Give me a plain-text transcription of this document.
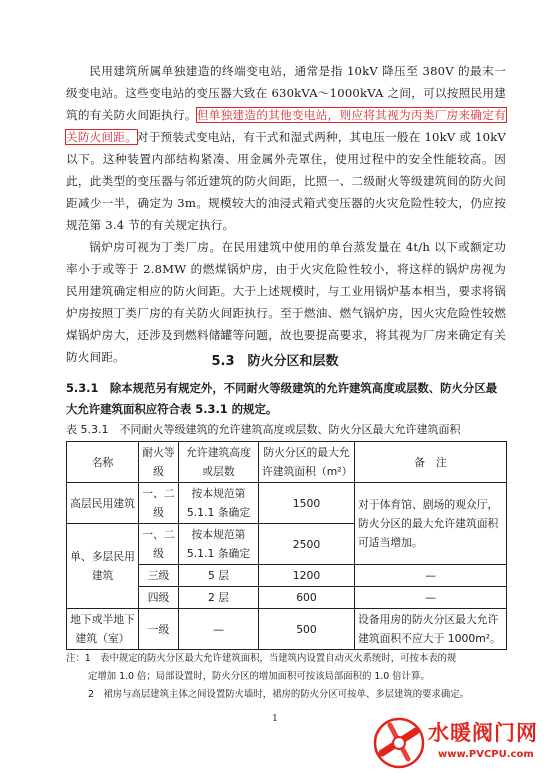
民用建筑所属单独建造的终端变电站，通常是指 10kV 降压至 380V 的最末一级变电站。这些变电站的变压器大致在 630kVA～1000kVA 之间，可以按照民用建筑的有关防火间距执行。但单独建造的其他变电站，则应将其视为丙类厂房来确定有关防火间距。对于预装式变电站，有干式和湿式两种，其电压一般在 10kV 或 10kV 以下。这种装置内部结构紧凑、用金属外壳罩住，使用过程中的安全性能较高。因此，此类型的变压器与邻近建筑的防火间距，比照一、二级耐火等级建筑间的防火间距减少一半，确定为 3m。规模较大的油浸式箱式变压器的火灾危险性较大，仍应按规范第 3.4 节的有关规定执行。

锅炉房可视为丁类厂房。在民用建筑中使用的单台蒸发量在 4t/h 以下或额定功率小于或等于 2.8MW 的燃煤锅炉房，由于火灾危险性较小，将这样的锅炉房视为民用建筑确定相应的防火间距。大于上述规模时，与工业用锅炉基本相当，要求将锅炉房按照丁类厂房的有关防火间距执行。至于燃油、燃气锅炉房，因火灾危险性较燃煤锅炉房大，还涉及到燃料储罐等问题，故也要提高要求，将其视为厂房来确定有关防火间距。	5.3　防火分区和层数
5.3.1　除本规范另有规定外，不同耐火等级建筑的允许建筑高度或层数、防火分区最大允许建筑面积应符合表 5.3.1 的规定。
表 5.3.1　不同耐火等级建筑的允许建筑高度或层数、防火分区最大允许建筑面积
名称	耐火等级	允许建筑高度或层数	防火分区的最大允许建筑面积（m²）	备　注
高层民用建筑	一、二级	按本规范第 5.1.1 条确定	1500	对于体育馆、剧场的观众厅，防火分区的最大允许建筑面积可适当增加。
单、多层民用建筑	一、二级	按本规范第 5.1.1 条确定	2500	
	三级	5 层	1200	—
	四级	2 层	600	—
地下或半地下建筑（室）	一级	—	500	设备用房的防火分区最大允许建筑面积不应大于 1000m²。
注：1　表中规定的防火分区最大允许建筑面积，当建筑内设置自动灭火系统时，可按本表的规
定增加 1.0 倍；局部设置时，防火分区的增加面积可按该局部面积的 1.0 倍计算。
2　裙房与高层建筑主体之间设置防火墙时，裙房的防火分区可按单、多层建筑的要求确定。
1
水暖阀门网
www.PVCPU.com
